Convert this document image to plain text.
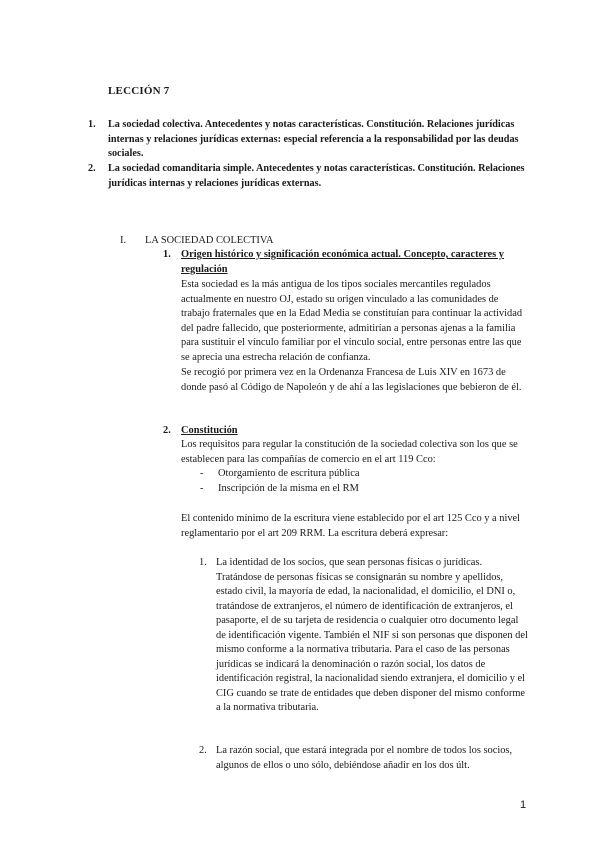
LECCIÓN 7
1. La sociedad colectiva. Antecedentes y notas características. Constitución. Relaciones jurídicas internas y relaciones jurídicas externas: especial referencia a la responsabilidad por las deudas sociales.
2. La sociedad comanditaria simple. Antecedentes y notas características. Constitución. Relaciones jurídicas internas y relaciones jurídicas externas.
I. LA SOCIEDAD COLECTIVA
1. Origen histórico y significación económica actual. Concepto, caracteres y regulación
Esta sociedad es la más antigua de los tipos sociales mercantiles regulados actualmente en nuestro OJ, estado su origen vinculado a las comunidades de trabajo fraternales que en la Edad Media se constituían para continuar la actividad del padre fallecido, que posteriormente, admitirían a personas ajenas a la familia para sustituir el vínculo familiar por el vínculo social, entre personas entre las que se aprecia una estrecha relación de confianza.
Se recogió por primera vez en la Ordenanza Francesa de Luis XIV en 1673 de donde pasó al Código de Napoleón y de ahí a las legislaciones que bebieron de él.
2. Constitución
Los requisitos para regular la constitución de la sociedad colectiva son los que se establecen para las compañías de comercio en el art 119 Cco:
- Otorgamiento de escritura pública
- Inscripción de la misma en el RM
El contenido mínimo de la escritura viene establecido por el art 125 Cco y a nivel reglamentario por el art 209 RRM. La escritura deberá expresar:
1. La identidad de los socios, que sean personas físicas o jurídicas. Tratándose de personas físicas se consignarán su nombre y apellidos, estado civil, la mayoría de edad, la nacionalidad, el domicilio, el DNI o, tratándose de extranjeros, el número de identificación de extranjeros, el pasaporte, el de su tarjeta de residencia o cualquier otro documento legal de identificación vigente. También el NIF si son personas que disponen del mismo conforme a la normativa tributaria. Para el caso de las personas jurídicas se indicará la denominación o razón social, los datos de identificación registral, la nacionalidad siendo extranjera, el domicilio y el CIG cuando se trate de entidades que deben disponer del mismo conforme a la normativa tributaria.
2. La razón social, que estará integrada por el nombre de todos los socios, algunos de ellos o uno sólo, debiéndose añadir en los dos últ.
1
